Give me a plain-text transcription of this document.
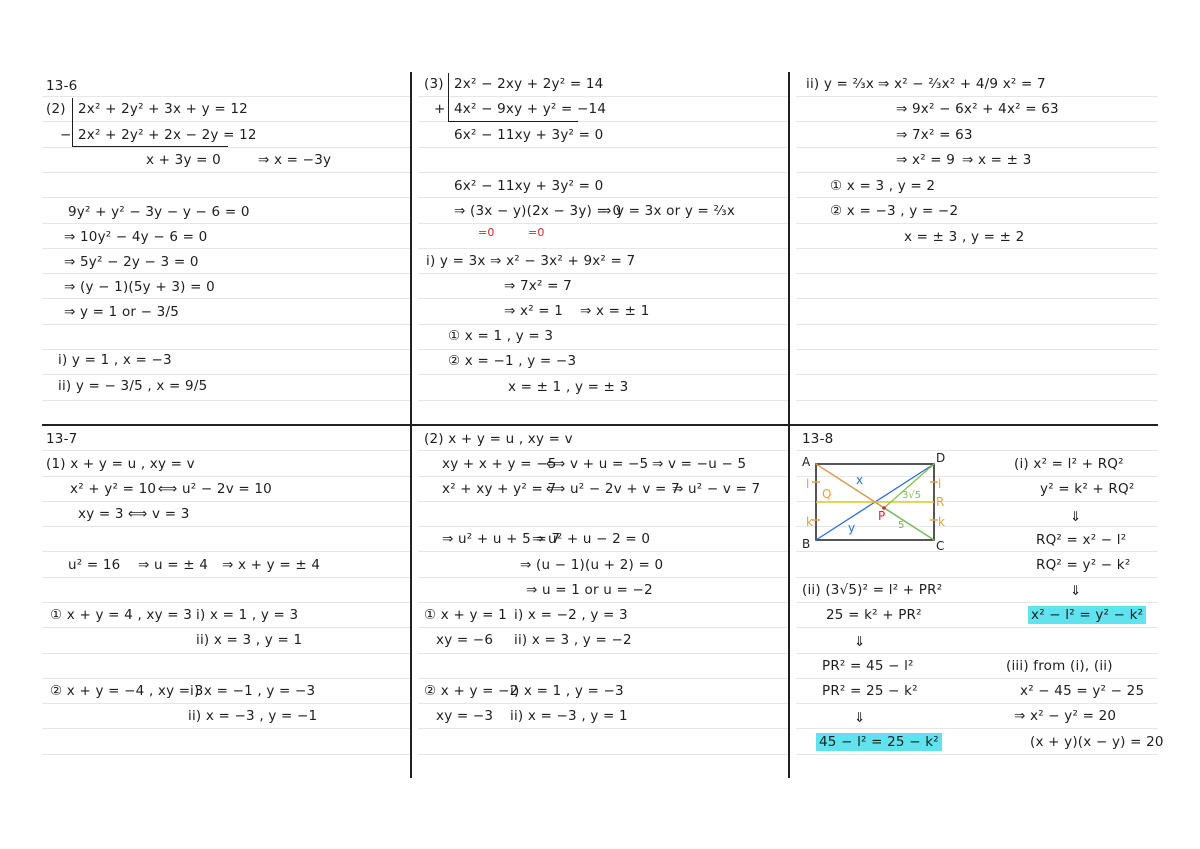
13-6
(2) 2x² + 2y² + 3x + y = 12
− 2x² + 2y² + 2x − 2y = 12
x + 3y = 0	⇒ x = −3y
9y² + y² − 3y − y − 6 = 0
⇒ 10y² − 4y − 6 = 0
⇒ 5y² − 2y − 3 = 0
⇒ (y − 1)(5y + 3) = 0
⇒ y = 1 or − 3/5
i) y = 1 , x = −3
ii) y = − 3/5 , x = 9/5
(3) 2x² − 2xy + 2y² = 14
+ 4x² − 9xy + y² = −14
6x² − 11xy + 3y² = 0
6x² − 11xy + 3y² = 0
⇒ (3x − y)(2x − 3y) = 0
⇒ y = 3x or y = ⅔x
=0	=0
i) y = 3x ⇒ x² − 3x² + 9x² = 7
⇒ 7x² = 7
⇒ x² = 1 ⇒ x = ± 1
① x = 1 , y = 3
② x = −1 , y = −3
x = ± 1 , y = ± 3
ii) y = ⅔x ⇒ x² − ⅔x² + 4/9 x² = 7
⇒ 9x² − 6x² + 4x² = 63
⇒ 7x² = 63
⇒ x² = 9 ⇒ x = ± 3
① x = 3 , y = 2
② x = −3 , y = −2
x = ± 3 , y = ± 2
13-7
(1) x + y = u , xy = v
x² + y² = 10 ⟺ u² − 2v = 10
xy = 3 ⟺ v = 3
u² = 16 ⇒ u = ± 4 ⇒ x + y = ± 4
① x + y = 4 , xy = 3 i) x = 1 , y = 3
ii) x = 3 , y = 1
② x + y = −4 , xy = 3
i) x = −1 , y = −3
ii) x = −3 , y = −1
(2) x + y = u , xy = v
xy + x + y = −5
⟺ v + u = −5 ⇒ v = −u − 5
x² + xy + y² = 7
⟺ u² − 2v + v = 7
⇒ u² − v = 7
⇒ u² + u + 5 = 7
⇒ u² + u − 2 = 0
⇒ (u − 1)(u + 2) = 0
⇒ u = 1 or u = −2
① x + y = 1
xy = −6
i) x = −2 , y = 3
ii) x = 3 , y = −2
② x + y = −2
xy = −3
i) x = 1 , y = −3
ii) x = −3 , y = 1
13-8
A	D
B	C
P
Q
R
x
y
3√5
l
k
l
k
5
(i) x² = l² + RQ²
y² = k² + RQ²
⇓
RQ² = x² − l²
RQ² = y² − k²
⇓
x² − l² = y² − k²
(ii) (3√5)² = l² + PR²
25 = k² + PR²
⇓
PR² = 45 − l²
PR² = 25 − k²
⇓
45 − l² = 25 − k²
(iii) from (i), (ii)
x² − 45 = y² − 25
⇒ x² − y² = 20
(x + y)(x − y) = 20
